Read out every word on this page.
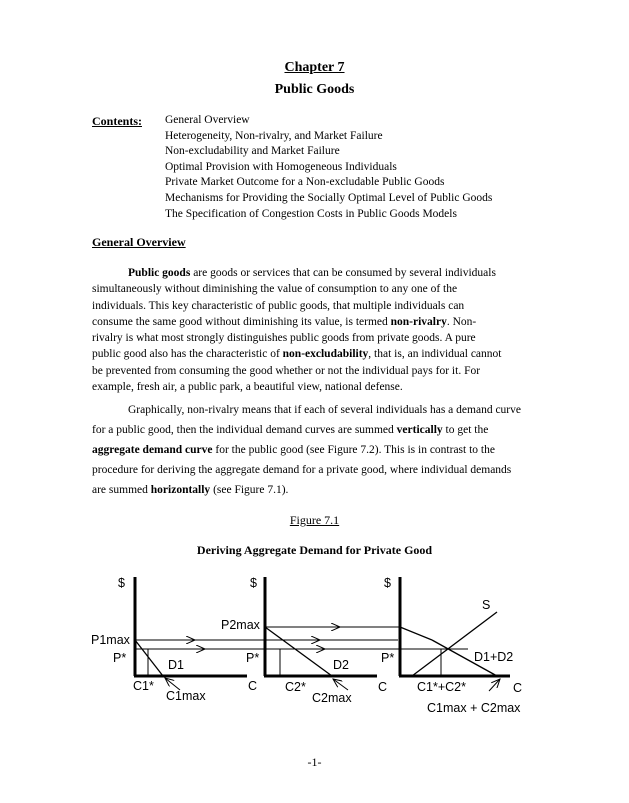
Chapter 7
Public Goods
Contents: General Overview
Heterogeneity, Non-rivalry, and Market Failure
Non-excludability and Market Failure
Optimal Provision with Homogeneous Individuals
Private Market Outcome for a Non-excludable Public Goods
Mechanisms for Providing the Socially Optimal Level of Public Goods
The Specification of Congestion Costs in Public Goods Models
General Overview
Public goods are goods or services that can be consumed by several individuals
simultaneously without diminishing the value of consumption to any one of the
individuals. This key characteristic of public goods, that multiple individuals can
consume the same good without diminishing its value, is termed non-rivalry. Non-
rivalry is what most strongly distinguishes public goods from private goods. A pure
public good also has the characteristic of non-excludability, that is, an individual cannot
be prevented from consuming the good whether or not the individual pays for it. For
example, fresh air, a public park, a beautiful view, national defense.
Graphically, non-rivalry means that if each of several individuals has a demand curve
for a public good, then the individual demand curves are summed vertically to get the
aggregate demand curve for the public good (see Figure 7.2). This is in contrast to the
procedure for deriving the aggregate demand for a private good, where individual demands
are summed horizontally (see Figure 7.1).
Figure 7.1
Deriving Aggregate Demand for Private Good
$	$	$
P1max
P*	D1
C1*
C1max
C
P2max
P*	D2
C2*
C2max
C
P*
S
D1+D2
C1*+C2*	C
C1max + C2max
-1-
